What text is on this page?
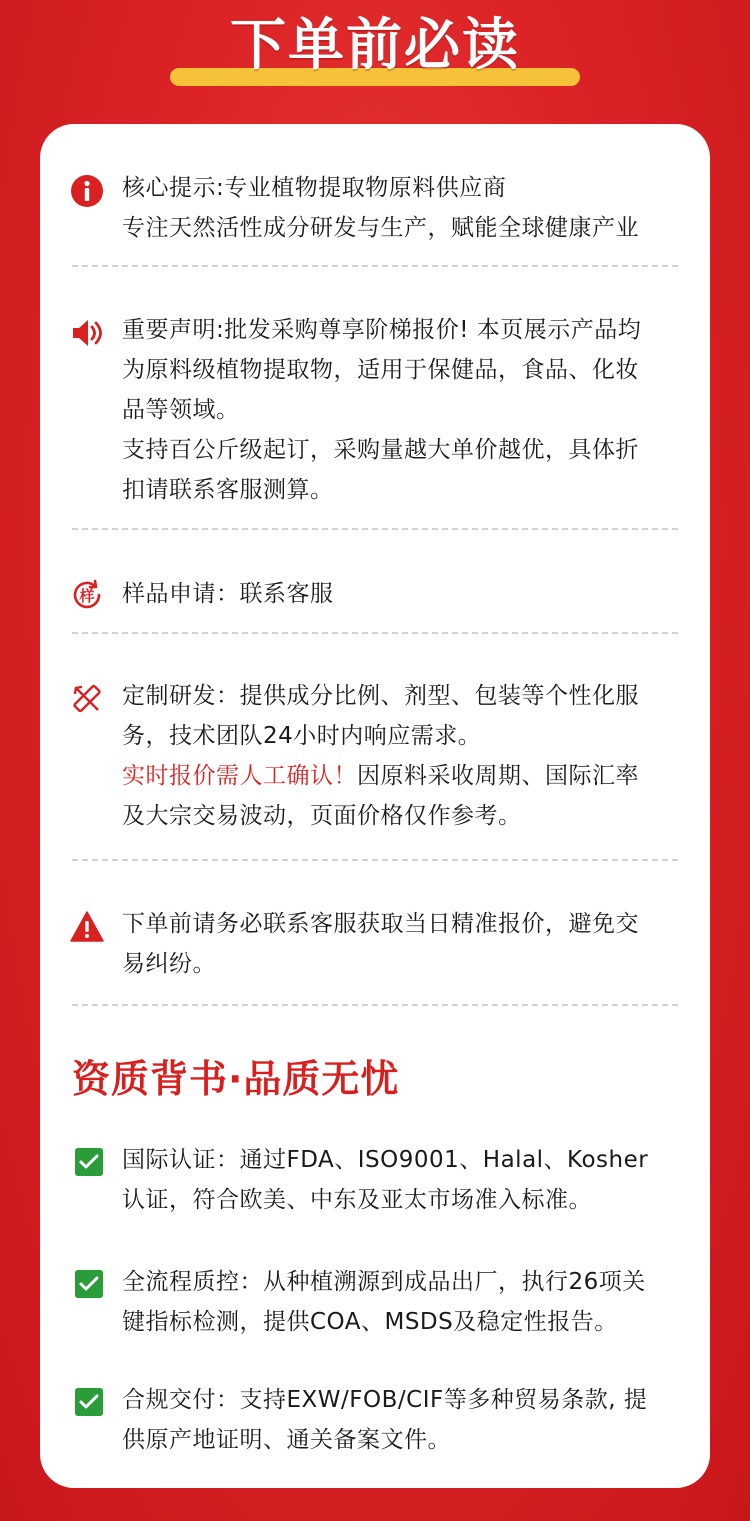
下单前必读

核心提示:专业植物提取物原料供应商

专注天然活性成分研发与生产，赋能全球健康产业

重要声明:批发采购尊享阶梯报价! 本页展示产品均

为原料级植物提取物，适用于保健品，食品、化妆

品等领域。

支持百公斤级起订，采购量越大单价越优，具体折

扣请联系客服测算。

样 样品申请：联系客服

定制研发：提供成分比例、剂型、包装等个性化服

务，技术团队24小时内响应需求。

实时报价需人工确认！因原料采收周期、国际汇率

及大宗交易波动，页面价格仅作参考。

下单前请务必联系客服获取当日精准报价，避免交

易纠纷。

资质背书·品质无忧

国际认证：通过FDA、ISO9001、Halal、Kosher

认证，符合欧美、中东及亚太市场准入标准。

全流程质控：从种植溯源到成品出厂，执行26项关

键指标检测，提供COA、MSDS及稳定性报告。

合规交付：支持EXW/FOB/CIF等多种贸易条款, 提

供原产地证明、通关备案文件。
